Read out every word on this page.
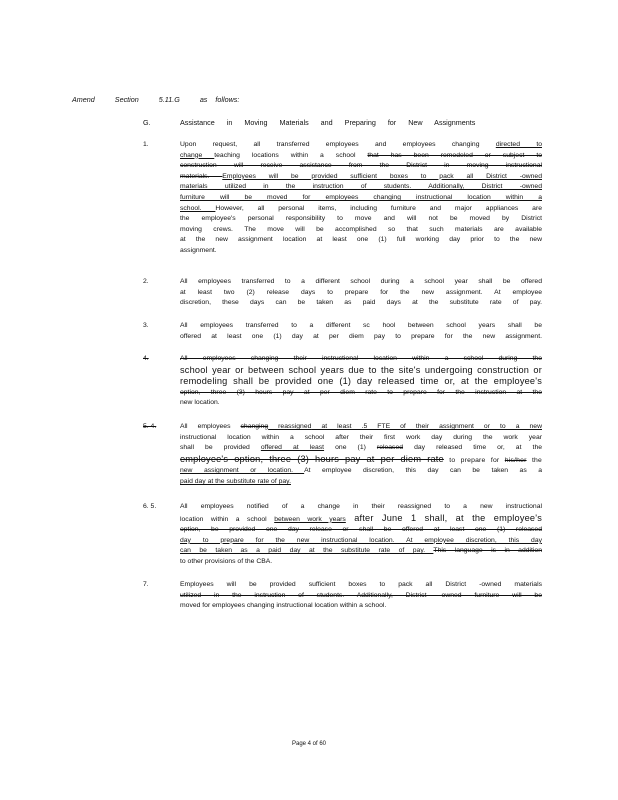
Amend	Section	5.11.G	as follows:
G.	Assistance in Moving Materials and Preparing for New Assignments
1.	Upon request, all transferred employees and employees changing directed to

change teaching locations within a school that has been remodeled or subject to

construction will receive assistance from the District in moving instructional

materials. Employees will be provided sufficient boxes to pack all District -owned

materials utilized in the instruction of students. Additionally, District -owned

furniture will be moved for employees changing instructional location within a

school. However, all personal items, including furniture and major appliances are

the employee's personal responsibility to move and will not be moved by District

moving crews. The move will be accomplished so that such materials are available

at the new assignment location at least one (1) full working day prior to the new

assignment.

2.	All employees transferred to a different school during a school year shall be offered

at least two (2) release days to prepare for the new assignment. At employee

discretion, these days can be taken as paid days at the substitute rate of pay.

3.	All employees transferred to a different sc hool between school years shall be

offered at least one (1) day at per diem pay to prepare for the new assignment.

4.	All employees changing their instructional location within a school during the

school year or between school years due to the site's undergoing construction or

remodeling shall be provided one (1) day released time or, at the employee's

option, three (3) hours pay at per diem rate to prepare for the instruction at the

new location.

5. 4.	All employees changing reassigned at least .5 FTE of their assignment or to a new

instructional location within a school after their first work day during the work year

shall be provided offered at least one (1) released day released time or, at the

employee's option, three (3) hours pay at per diem rate to prepare for his/her the

new assignment or location. At employee discretion, this day can be taken as a

paid day at the substitute rate of pay.

6. 5.	All employees notified of a change in their reassigned to a new instructional

location within a school between work years after June 1 shall, at the employee's

option, be provided one day release or shall be offered at least one (1) released

day to prepare for the new instructional location. At employee discretion, this day

can be taken as a paid day at the substitute rate of pay. This language is in addition

to other provisions of the CBA.

7.	Employees will be provided sufficient boxes to pack all District -owned materials

utilized in the instruction of students. Additionally, District -owned furniture will be

moved for employees changing instructional location within a school.

Page 4 of 60
